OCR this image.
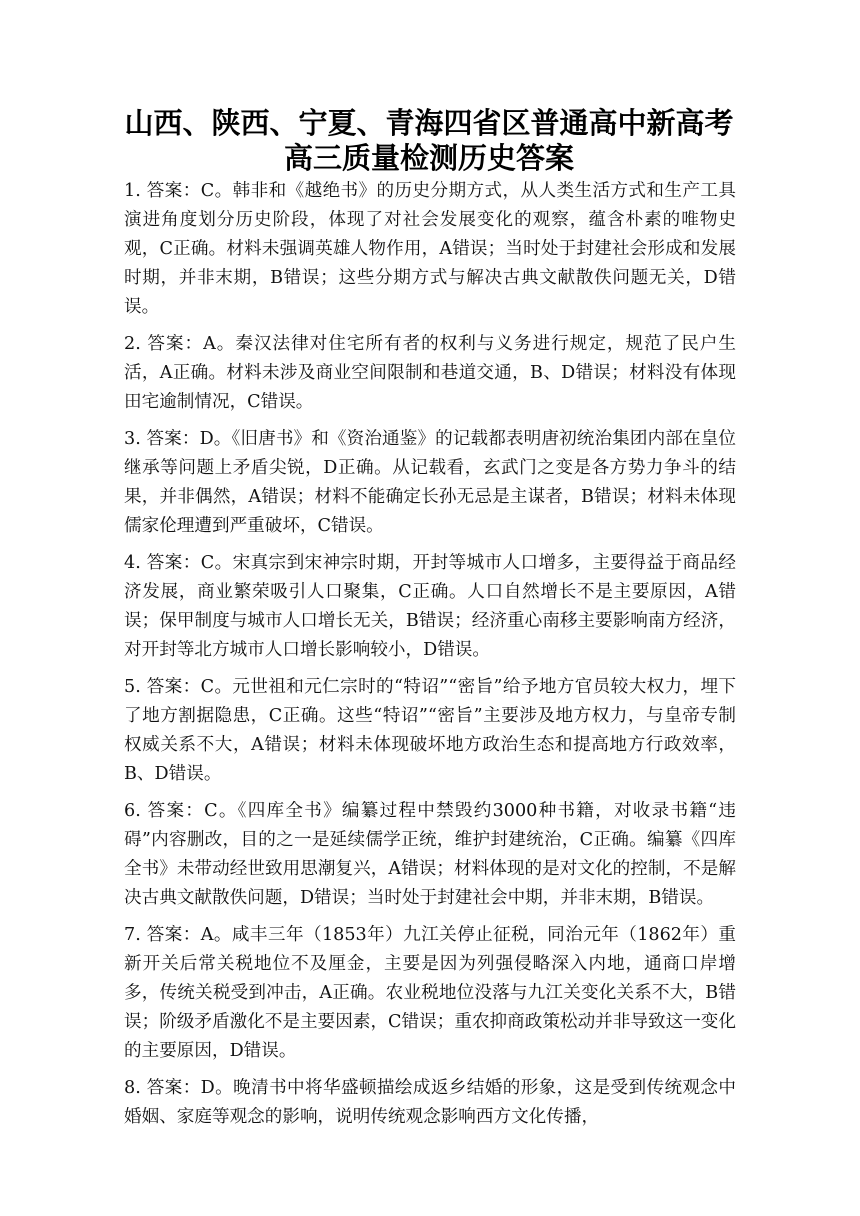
山西、陕西、宁夏、青海四省区普通高中新高考高三质量检测历史答案

1. 答案：C。韩非和《越绝书》的历史分期方式，从人类生活方式和生产工具演进角度划分历史阶段，体现了对社会发展变化的观察，蕴含朴素的唯物史观，C正确。材料未强调英雄人物作用，A错误；当时处于封建社会形成和发展时期，并非末期，B错误；这些分期方式与解决古典文献散佚问题无关，D错误。

2. 答案：A。秦汉法律对住宅所有者的权利与义务进行规定，规范了民户生活，A正确。材料未涉及商业空间限制和巷道交通，B、D错误；材料没有体现田宅逾制情况，C错误。

3. 答案：D。《旧唐书》和《资治通鉴》的记载都表明唐初统治集团内部在皇位继承等问题上矛盾尖锐，D正确。从记载看，玄武门之变是各方势力争斗的结果，并非偶然，A错误；材料不能确定长孙无忌是主谋者，B错误；材料未体现儒家伦理遭到严重破坏，C错误。

4. 答案：C。宋真宗到宋神宗时期，开封等城市人口增多，主要得益于商品经济发展，商业繁荣吸引人口聚集，C正确。人口自然增长不是主要原因，A错误；保甲制度与城市人口增长无关，B错误；经济重心南移主要影响南方经济，对开封等北方城市人口增长影响较小，D错误。

5. 答案：C。元世祖和元仁宗时的“特诏”“密旨”给予地方官员较大权力，埋下了地方割据隐患，C正确。这些“特诏”“密旨”主要涉及地方权力，与皇帝专制权威关系不大，A错误；材料未体现破坏地方政治生态和提高地方行政效率，B、D错误。

6. 答案：C。《四库全书》编纂过程中禁毁约3000种书籍，对收录书籍“违碍”内容删改，目的之一是延续儒学正统，维护封建统治，C正确。编纂《四库全书》未带动经世致用思潮复兴，A错误；材料体现的是对文化的控制，不是解决古典文献散佚问题，D错误；当时处于封建社会中期，并非末期，B错误。

7. 答案：A。咸丰三年（1853年）九江关停止征税，同治元年（1862年）重新开关后常关税地位不及厘金，主要是因为列强侵略深入内地，通商口岸增多，传统关税受到冲击，A正确。农业税地位没落与九江关变化关系不大，B错误；阶级矛盾激化不是主要因素，C错误；重农抑商政策松动并非导致这一变化的主要原因，D错误。

8. 答案：D。晚清书中将华盛顿描绘成返乡结婚的形象，这是受到传统观念中婚姻、家庭等观念的影响，说明传统观念影响西方文化传播，
